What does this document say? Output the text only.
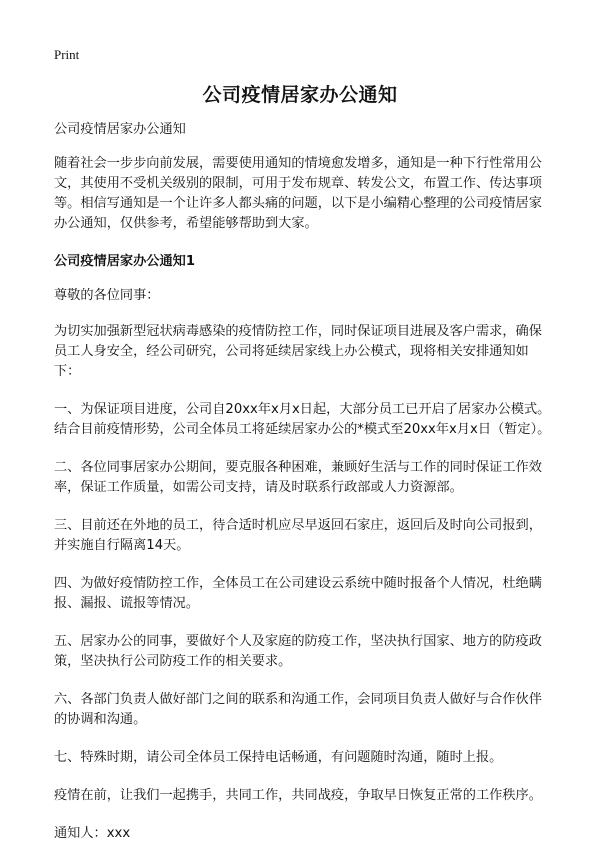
Print
公司疫情居家办公通知

公司疫情居家办公通知

随着社会一步步向前发展，需要使用通知的情境愈发增多，通知是一种下行性常用公文，其使用不受机关级别的限制，可用于发布规章、转发公文，布置工作、传达事项等。相信写通知是一个让许多人都头痛的问题，以下是小编精心整理的公司疫情居家办公通知，仅供参考，希望能够帮助到大家。

公司疫情居家办公通知1

尊敬的各位同事：

为切实加强新型冠状病毒感染的疫情防控工作，同时保证项目进展及客户需求，确保员工人身安全，经公司研究，公司将延续居家线上办公模式，现将相关安排通知如下：

一、为保证项目进度，公司自20xx年x月x日起，大部分员工已开启了居家办公模式。结合目前疫情形势，公司全体员工将延续居家办公的*模式至20xx年x月x日（暂定）。

二、各位同事居家办公期间，要克服各种困难，兼顾好生活与工作的同时保证工作效率，保证工作质量，如需公司支持，请及时联系行政部或人力资源部。

三、目前还在外地的员工，待合适时机应尽早返回石家庄，返回后及时向公司报到，并实施自行隔离14天。

四、为做好疫情防控工作，全体员工在公司建设云系统中随时报备个人情况，杜绝瞒报、漏报、谎报等情况。

五、居家办公的同事，要做好个人及家庭的防疫工作，坚决执行国家、地方的防疫政策，坚决执行公司防疫工作的相关要求。

六、各部门负责人做好部门之间的联系和沟通工作，会同项目负责人做好与合作伙伴的协调和沟通。

七、特殊时期，请公司全体员工保持电话畅通，有问题随时沟通，随时上报。

疫情在前，让我们一起携手，共同工作，共同战疫，争取早日恢复正常的工作秩序。

通知人：xxx
